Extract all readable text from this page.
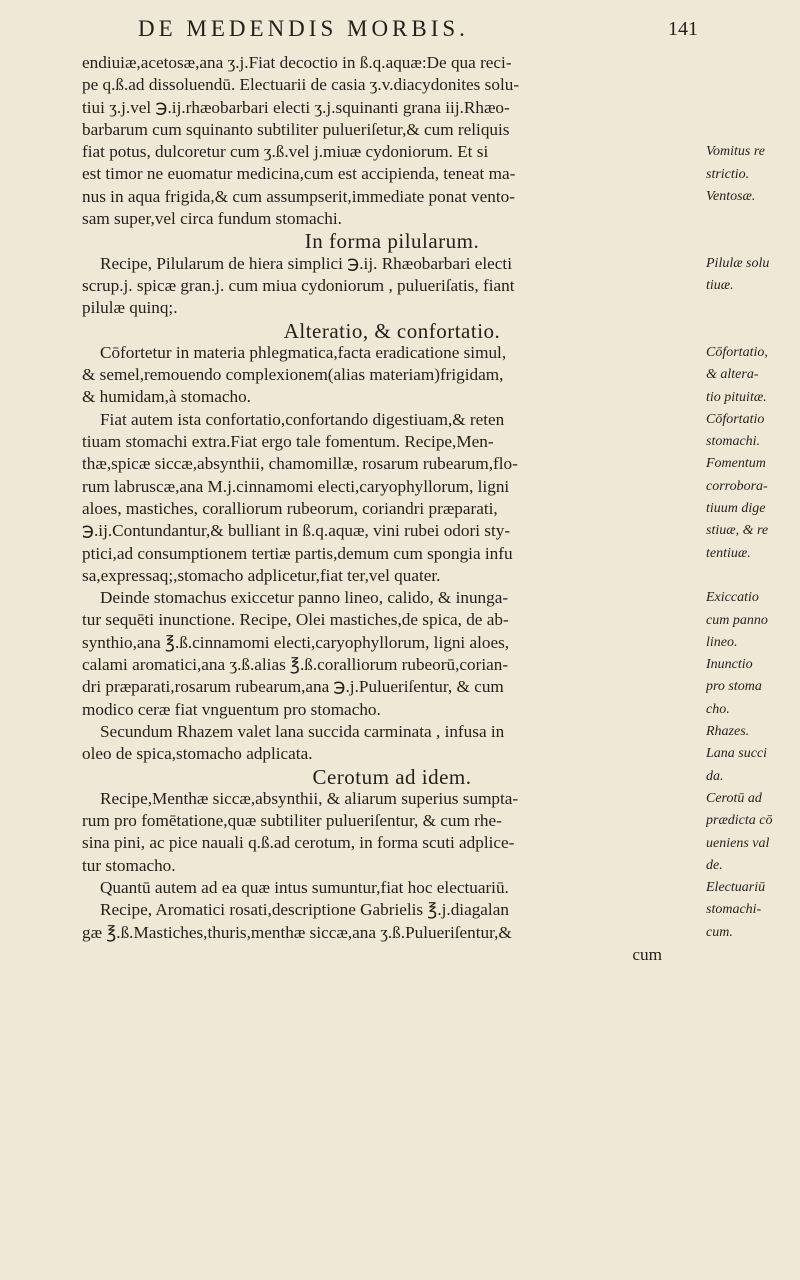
DE MEDENDIS MORBIS.	141
endiuiæ,acetosæ,ana ʒ.j.Fiat decoctio in ß.q.aquæ:De qua reci-
pe q.ß.ad dissoluendū. Electuarii de casia ʒ.v.diacydonites solu-
tiui ʒ.j.vel ℈.ij.rhæobarbari electi ʒ.j.squinanti grana iij.Rhæo-
barbarum cum squinanto subtiliter pulueriſetur,& cum reliquis
fiat potus, dulcoretur cum ʒ.ß.vel j.miuæ cydoniorum. Et si
est timor ne euomatur medicina,cum est accipienda, teneat ma-
nus in aqua frigida,& cum assumpserit,immediate ponat vento-
sam super,vel circa fundum stomachi.
In forma pilularum.
Recipe, Pilularum de hiera simplici ℈.ij. Rhæobarbari electi
scrup.j. spicæ gran.j. cum miua cydoniorum , pulueriſatis, fiant
pilulæ quinq;.
Alteratio, & confortatio.
Cōfortetur in materia phlegmatica,facta eradicatione simul,
& semel,remouendo complexionem(alias materiam)frigidam,
& humidam,à stomacho.
Fiat autem ista confortatio,confortando digestiuam,& reten
tiuam stomachi extra.Fiat ergo tale fomentum. Recipe,Men-
thæ,spicæ siccæ,absynthii, chamomillæ, rosarum rubearum,flo-
rum labruscæ,ana M.j.cinnamomi electi,caryophyllorum, ligni
aloes, mastiches, coralliorum rubeorum, coriandri præparati,
℈.ij.Contundantur,& bulliant in ß.q.aquæ, vini rubei odori sty-
ptici,ad consumptionem tertiæ partis,demum cum spongia infu
sa,expressaq;,stomacho adplicetur,fiat ter,vel quater.
Deinde stomachus exiccetur panno lineo, calido, & inunga-
tur sequēti inunctione. Recipe, Olei mastiches,de spica, de ab-
synthio,ana ℥.ß.cinnamomi electi,caryophyllorum, ligni aloes,
calami aromatici,ana ʒ.ß.alias ℥.ß.coralliorum rubeorū,corian-
dri præparati,rosarum rubearum,ana ℈.j.Pulueriſentur, & cum
modico ceræ fiat vnguentum pro stomacho.
Secundum Rhazem valet lana succida carminata , infusa in
oleo de spica,stomacho adplicata.
Cerotum ad idem.
Recipe,Menthæ siccæ,absynthii, & aliarum superius sumpta-
rum pro fomētatione,quæ subtiliter pulueriſentur, & cum rhe-
sina pini, ac pice nauali q.ß.ad cerotum, in forma scuti adplice-
tur stomacho.
Quantū autem ad ea quæ intus sumuntur,fiat hoc electuariū.
Recipe, Aromatici rosati,descriptione Gabrielis ℥.j.diagalan
gæ ℥.ß.Mastiches,thuris,menthæ siccæ,ana ʒ.ß.Pulueriſentur,&
cum
Vomitus re
strictio.
Ventosæ.
Pilulæ solu
tiuæ.
Cōfortatio,
& altera-
tio pituitæ.
Cōfortatio
stomachi.
Fomentum
corrobora-
tiuum dige
stiuæ, & re
tentiuæ.
Exiccatio
cum panno
lineo.
Inunctio
pro stoma
cho.
Rhazes.
Lana succi
da.
Cerotū ad
prædicta cō
ueniens val
de.
Electuariū
stomachi-
cum.
